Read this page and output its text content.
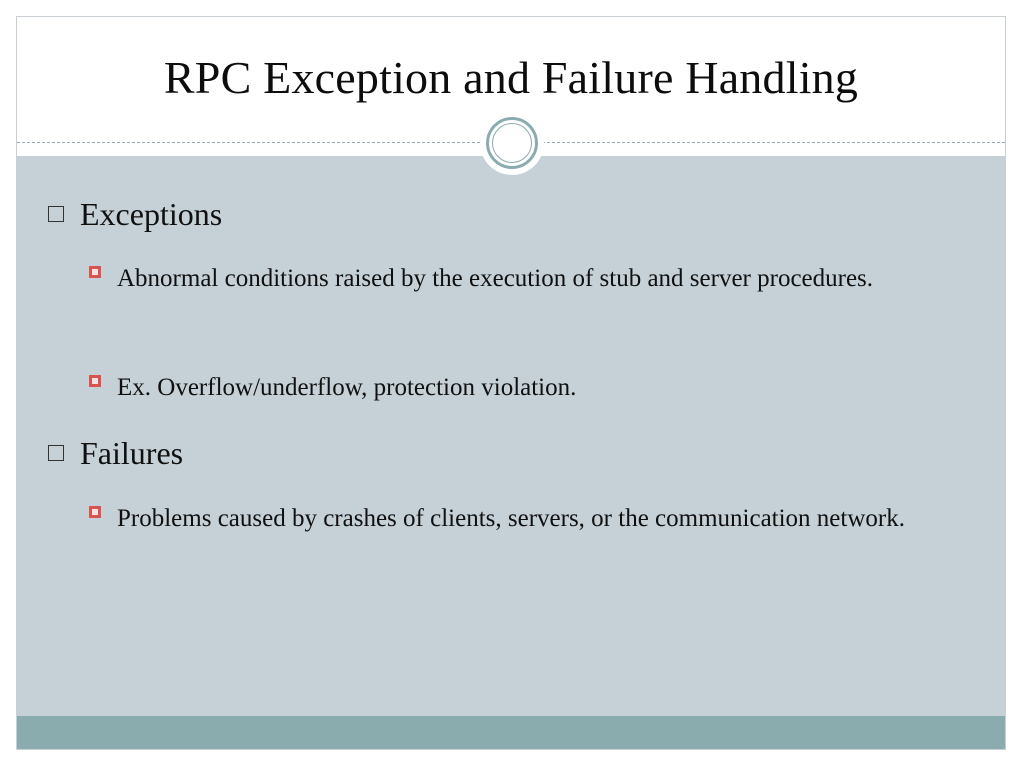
RPC Exception and Failure Handling
Exceptions
Abnormal conditions raised by the execution of stub and server procedures.
Ex. Overflow/underflow, protection violation.
Failures
Problems caused by crashes of clients, servers, or the communication network.
